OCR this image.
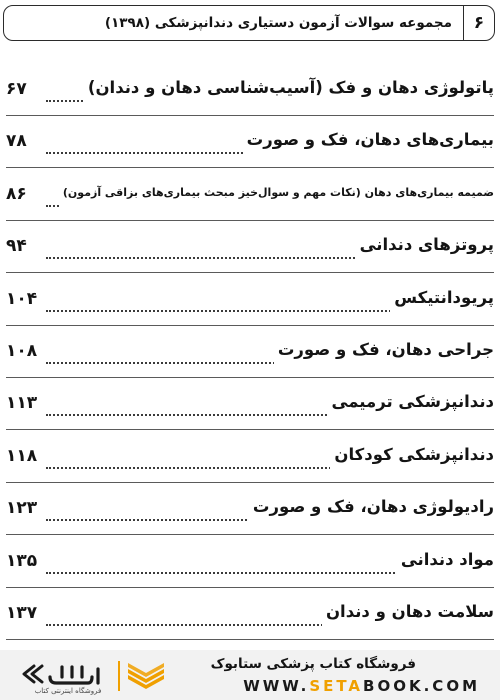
۶
مجموعه سوالات آزمون دستیاری دندانپزشکی (۱۳۹۸)
۶۷	پاتولوژی دهان و فک (آسیب‌شناسی دهان و دندان)
۷۸	بیماری‌های دهان، فک و صورت
۸۶	ضمیمه بیماری‌های دهان (نکات مهم و سوال‌خیز مبحث بیماری‌های بزاقی آزمون)
۹۴	پروتزهای دندانی
۱۰۴	پریودانتیکس
۱۰۸	جراحی دهان، فک و صورت
۱۱۳	دندانپزشکی ترمیمی
۱۱۸	دندانپزشکی کودکان
۱۲۳	رادیولوژی دهان، فک و صورت
۱۳۵	مواد دندانی
۱۳۷	سلامت دهان و دندان
فروشگاه اینترنتی کتاب
فروشگاه کتاب پزشکی ستابوک
WWW.SETABOOK.COM
